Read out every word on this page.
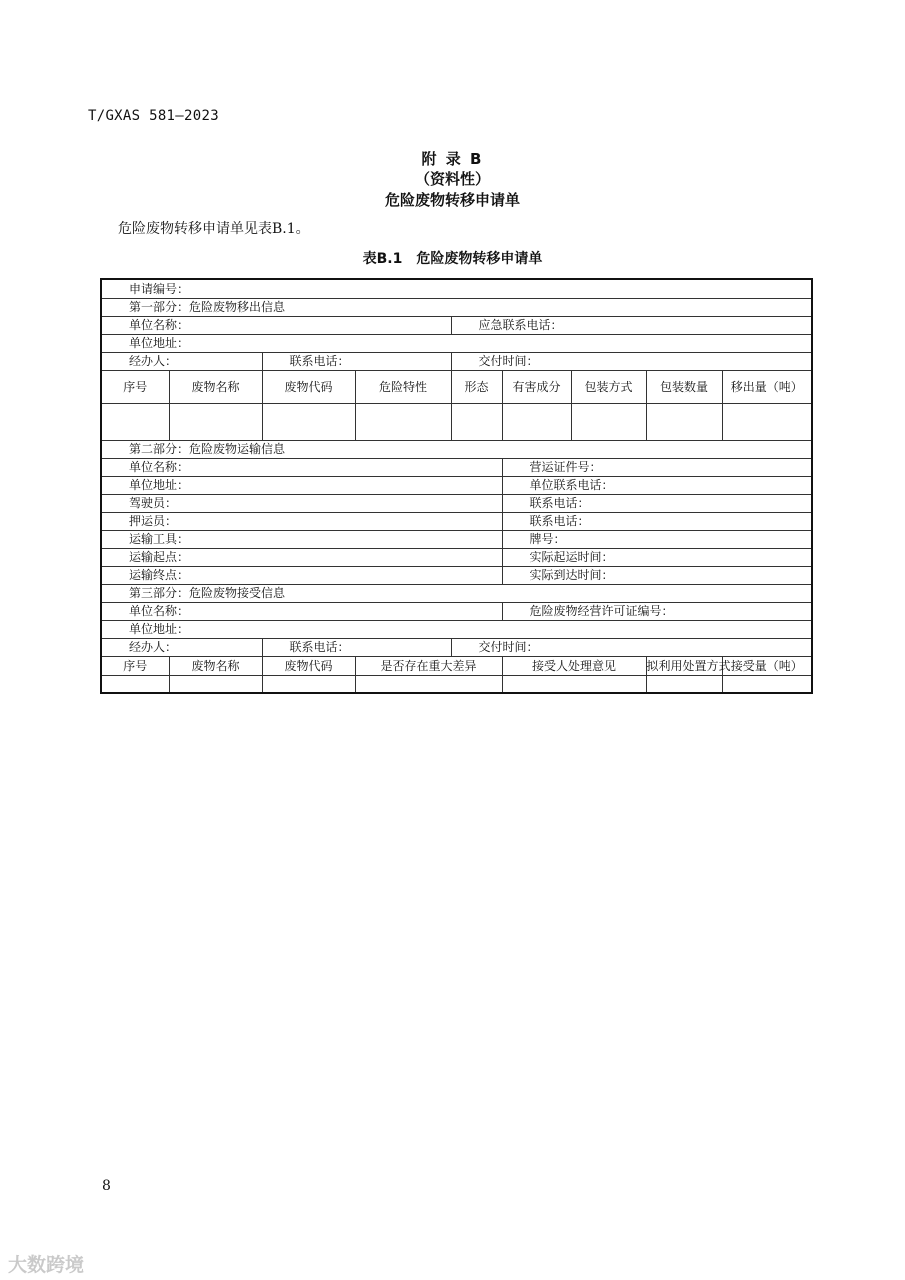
T/GXAS 581—2023
附 录 B
（资料性）
危险废物转移申请单
危险废物转移申请单见表B.1。
表B.1　危险废物转移申请单
申请编号：								
第一部分：危险废物移出信息								
单位名称：				应急联系电话：				
单位地址：								
经办人：		联系电话：		交付时间：				
序号	废物名称	废物代码	危险特性	形态	有害成分	包装方式	包装数量	移出量（吨）

第二部分：危险废物运输信息								
单位名称：					营运证件号：			
单位地址：					单位联系电话：			
驾驶员：					联系电话：			
押运员：					联系电话：			
运输工具：					牌号：			
运输起点：					实际起运时间：			
运输终点：					实际到达时间：			
第三部分：危险废物接受信息								
单位名称：					危险废物经营许可证编号：			
单位地址：								
经办人：		联系电话：		交付时间：				
序号	废物名称	废物代码	是否存在重大差异		接受人处理意见		拟利用处置方式	接受量（吨）

8
大数跨境
